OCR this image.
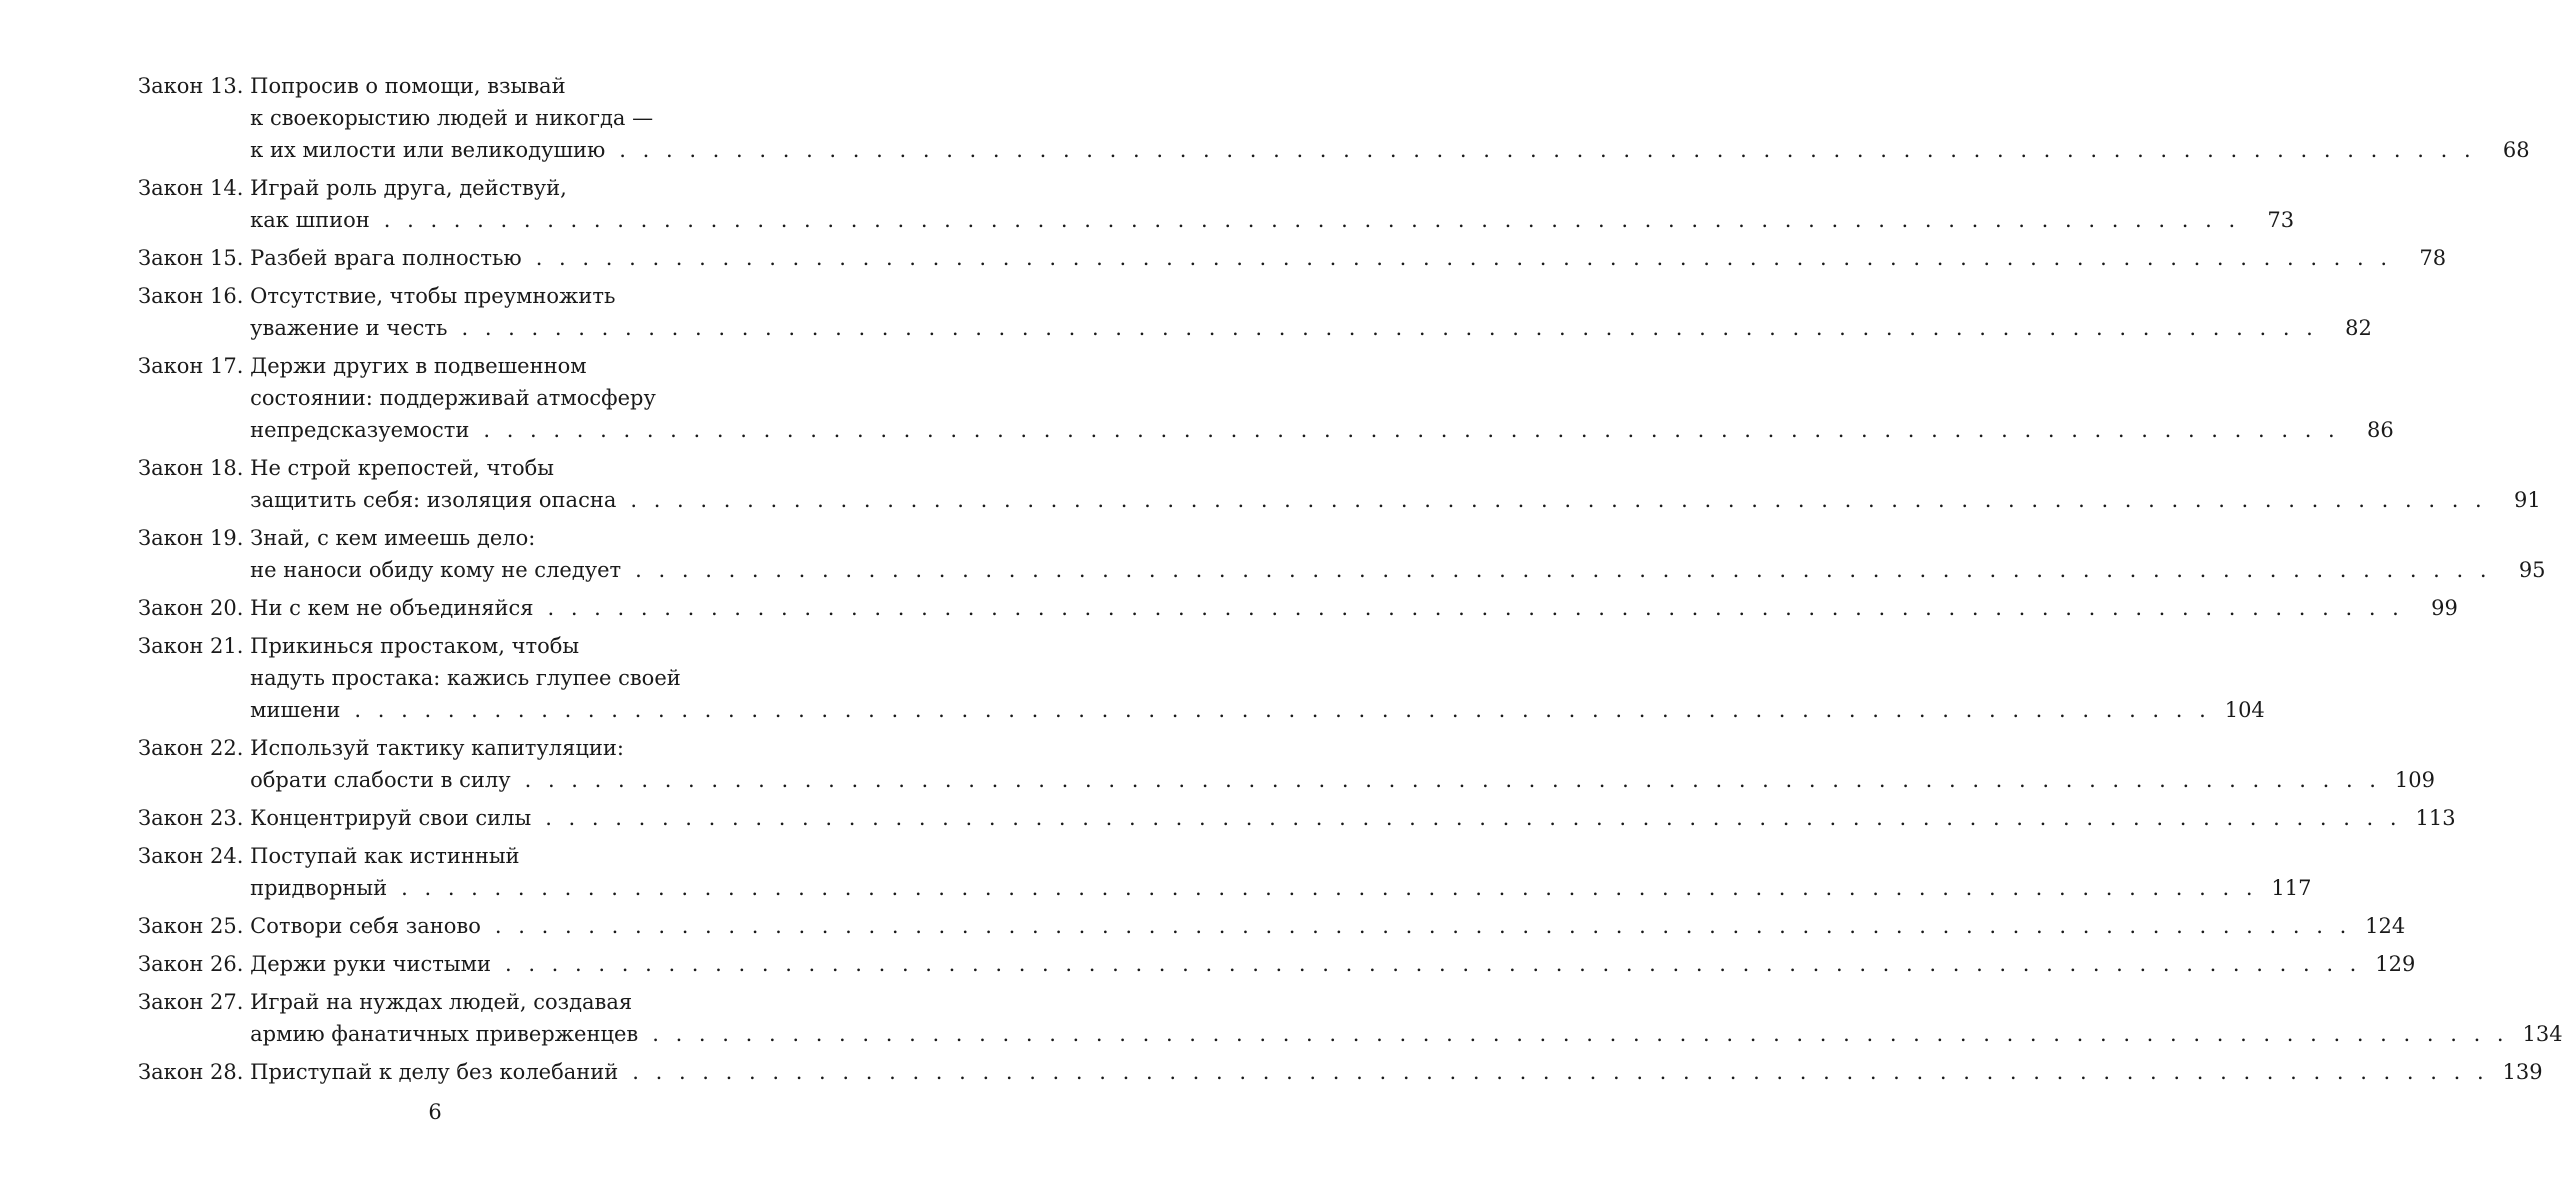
Закон 13.
Попросив о помощи, взывай
к своекорыстию людей и никогда —
к их милости или великодушию . . . . . . . . . . . . . . . . . . . . . . . . . . . . . . . . . . . . . . . . . . . . . . . . . . . . . . . . . . . . . . . . . . . . . . . . . . . . . . . .	68
Закон 14.
Играй роль друга, действуй,
как шпион . . . . . . . . . . . . . . . . . . . . . . . . . . . . . . . . . . . . . . . . . . . . . . . . . . . . . . . . . . . . . . . . . . . . . . . . . . . . . . . .	73
Закон 15.
Разбей врага полностью . . . . . . . . . . . . . . . . . . . . . . . . . . . . . . . . . . . . . . . . . . . . . . . . . . . . . . . . . . . . . . . . . . . . . . . . . . . . . . . .	78
Закон 16.
Отсутствие, чтобы преумножить
уважение и честь . . . . . . . . . . . . . . . . . . . . . . . . . . . . . . . . . . . . . . . . . . . . . . . . . . . . . . . . . . . . . . . . . . . . . . . . . . . . . . . .	82
Закон 17.
Держи других в подвешенном
состоянии: поддерживай атмосферу
непредсказуемости . . . . . . . . . . . . . . . . . . . . . . . . . . . . . . . . . . . . . . . . . . . . . . . . . . . . . . . . . . . . . . . . . . . . . . . . . . . . . . . .	86
Закон 18.
Не строй крепостей, чтобы
защитить себя: изоляция опасна . . . . . . . . . . . . . . . . . . . . . . . . . . . . . . . . . . . . . . . . . . . . . . . . . . . . . . . . . . . . . . . . . . . . . . . . . . . . . . . .	91
Закон 19.
Знай, с кем имеешь дело:
не наноси обиду кому не следует . . . . . . . . . . . . . . . . . . . . . . . . . . . . . . . . . . . . . . . . . . . . . . . . . . . . . . . . . . . . . . . . . . . . . . . . . . . . . . . .	95
Закон 20.
Ни с кем не объединяйся . . . . . . . . . . . . . . . . . . . . . . . . . . . . . . . . . . . . . . . . . . . . . . . . . . . . . . . . . . . . . . . . . . . . . . . . . . . . . . . .	99
Закон 21.
Прикинься простаком, чтобы
надуть простака: кажись глупее своей
мишени . . . . . . . . . . . . . . . . . . . . . . . . . . . . . . . . . . . . . . . . . . . . . . . . . . . . . . . . . . . . . . . . . . . . . . . . . . . . . . . . 104
Закон 22.
Используй тактику капитуляции:
обрати слабости в силу . . . . . . . . . . . . . . . . . . . . . . . . . . . . . . . . . . . . . . . . . . . . . . . . . . . . . . . . . . . . . . . . . . . . . . . . . . . . . . . . 109
Закон 23.
Концентрируй свои силы . . . . . . . . . . . . . . . . . . . . . . . . . . . . . . . . . . . . . . . . . . . . . . . . . . . . . . . . . . . . . . . . . . . . . . . . . . . . . . . . 113
Закон 24.
Поступай как истинный
придворный . . . . . . . . . . . . . . . . . . . . . . . . . . . . . . . . . . . . . . . . . . . . . . . . . . . . . . . . . . . . . . . . . . . . . . . . . . . . . . . . 117
Закон 25.
Сотвори себя заново . . . . . . . . . . . . . . . . . . . . . . . . . . . . . . . . . . . . . . . . . . . . . . . . . . . . . . . . . . . . . . . . . . . . . . . . . . . . . . . . 124
Закон 26.
Держи руки чистыми . . . . . . . . . . . . . . . . . . . . . . . . . . . . . . . . . . . . . . . . . . . . . . . . . . . . . . . . . . . . . . . . . . . . . . . . . . . . . . . . 129
Закон 27.
Играй на нуждах людей, создавая
армию фанатичных приверженцев . . . . . . . . . . . . . . . . . . . . . . . . . . . . . . . . . . . . . . . . . . . . . . . . . . . . . . . . . . . . . . . . . . . . . . . . . . . . . . . . 134
Закон 28.
Приступай к делу без колебаний . . . . . . . . . . . . . . . . . . . . . . . . . . . . . . . . . . . . . . . . . . . . . . . . . . . . . . . . . . . . . . . . . . . . . . . . . . . . . . . . 139
6
